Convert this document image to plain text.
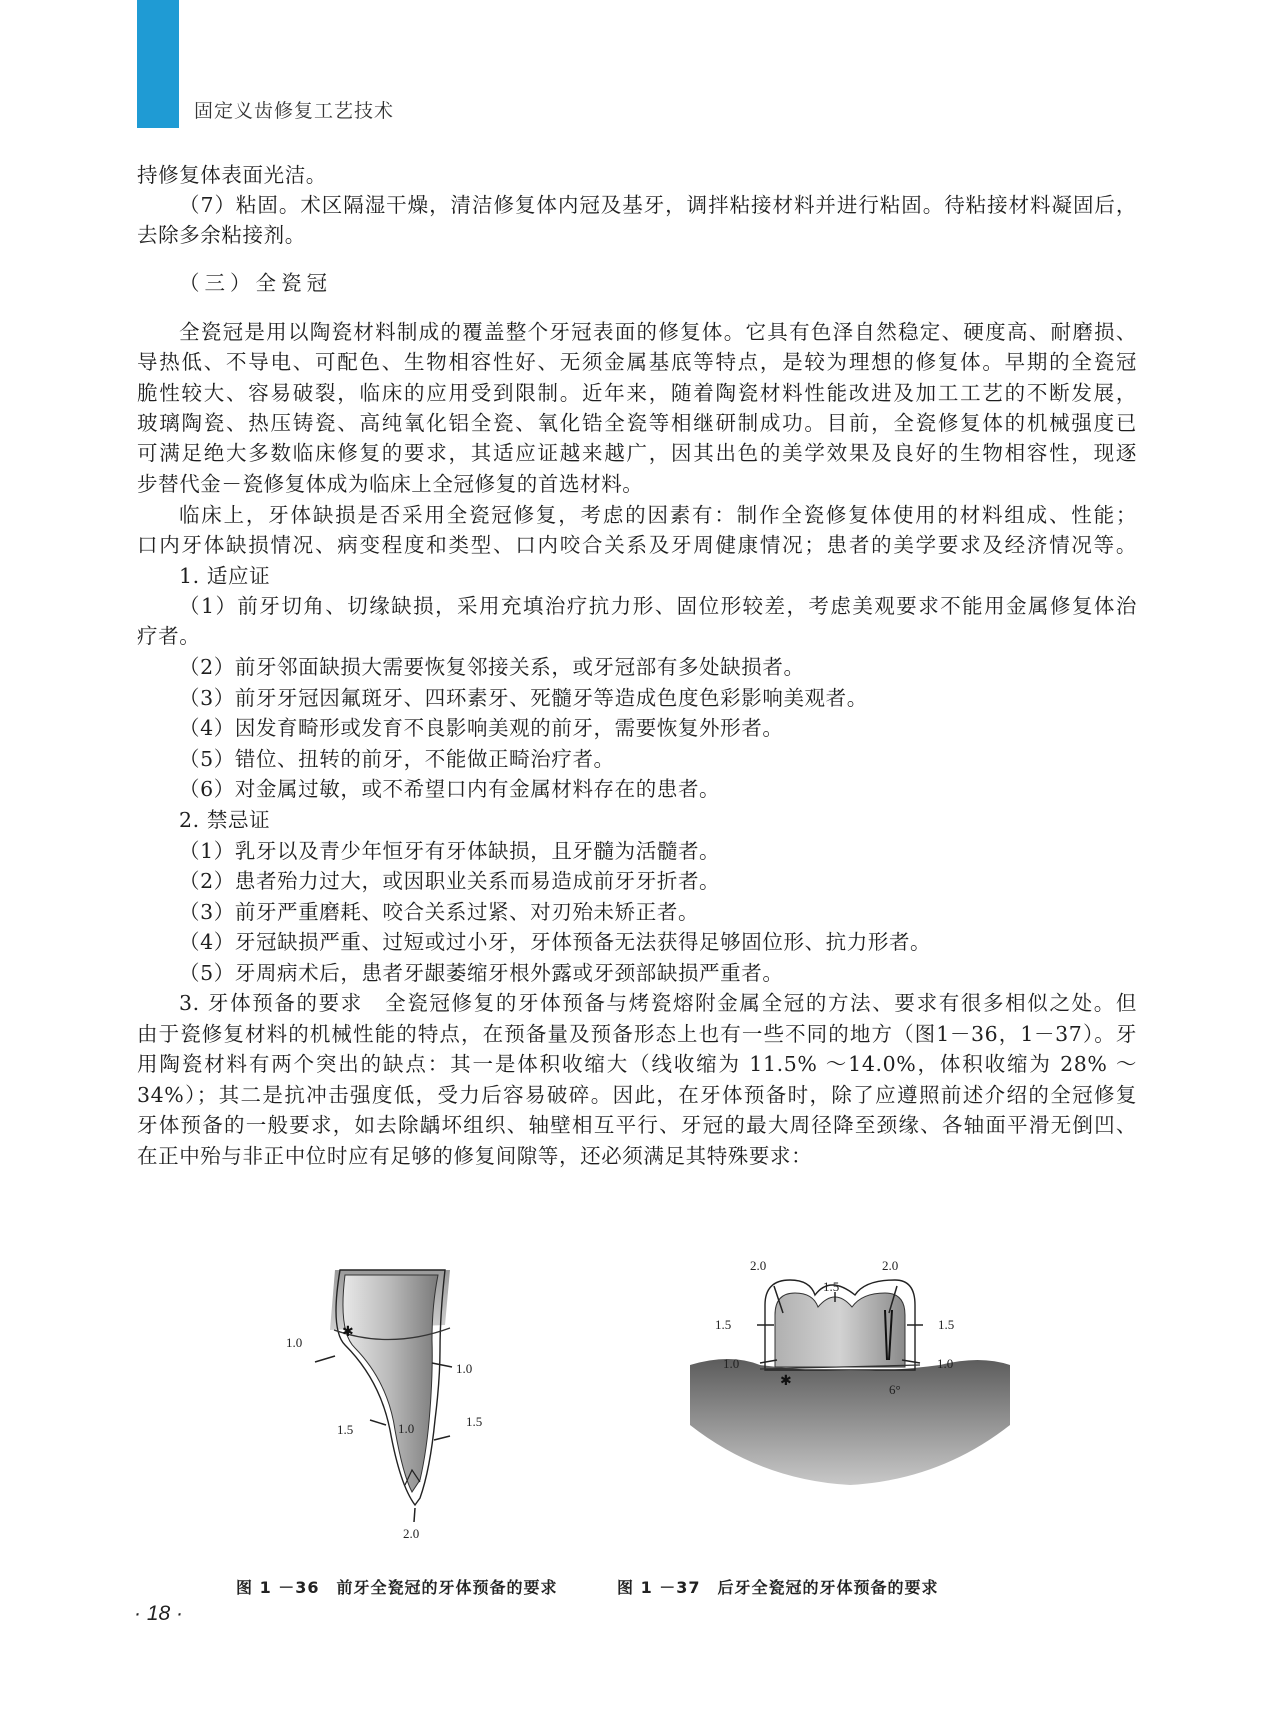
固定义齿修复工艺技术
持修复体表面光洁。
（7）粘固。术区隔湿干燥，清洁修复体内冠及基牙，调拌粘接材料并进行粘固。待粘接材料凝固后，
去除多余粘接剂。
（三）全瓷冠
全瓷冠是用以陶瓷材料制成的覆盖整个牙冠表面的修复体。它具有色泽自然稳定、硬度高、耐磨损、
导热低、不导电、可配色、生物相容性好、无须金属基底等特点，是较为理想的修复体。早期的全瓷冠
脆性较大、容易破裂，临床的应用受到限制。近年来，随着陶瓷材料性能改进及加工工艺的不断发展，
玻璃陶瓷、热压铸瓷、高纯氧化铝全瓷、氧化锆全瓷等相继研制成功。目前，全瓷修复体的机械强度已
可满足绝大多数临床修复的要求，其适应证越来越广，因其出色的美学效果及良好的生物相容性，现逐
步替代金－瓷修复体成为临床上全冠修复的首选材料。
临床上，牙体缺损是否采用全瓷冠修复，考虑的因素有：制作全瓷修复体使用的材料组成、性能；
口内牙体缺损情况、病变程度和类型、口内咬合关系及牙周健康情况；患者的美学要求及经济情况等。
1. 适应证
（1）前牙切角、切缘缺损，采用充填治疗抗力形、固位形较差，考虑美观要求不能用金属修复体治
疗者。
（2）前牙邻面缺损大需要恢复邻接关系，或牙冠部有多处缺损者。
（3）前牙牙冠因氟斑牙、四环素牙、死髓牙等造成色度色彩影响美观者。
（4）因发育畸形或发育不良影响美观的前牙，需要恢复外形者。
（5）错位、扭转的前牙，不能做正畸治疗者。
（6）对金属过敏，或不希望口内有金属材料存在的患者。
2. 禁忌证
（1）乳牙以及青少年恒牙有牙体缺损，且牙髓为活髓者。
（2）患者殆力过大，或因职业关系而易造成前牙牙折者。
（3）前牙严重磨耗、咬合关系过紧、对刃殆未矫正者。
（4）牙冠缺损严重、过短或过小牙，牙体预备无法获得足够固位形、抗力形者。
（5）牙周病术后，患者牙龈萎缩牙根外露或牙颈部缺损严重者。
3. 牙体预备的要求　全瓷冠修复的牙体预备与烤瓷熔附金属全冠的方法、要求有很多相似之处。但
由于瓷修复材料的机械性能的特点，在预备量及预备形态上也有一些不同的地方（图1－36，1－37）。牙
用陶瓷材料有两个突出的缺点：其一是体积收缩大（线收缩为 11.5% ～14.0%，体积收缩为 28% ～
34%）；其二是抗冲击强度低，受力后容易破碎。因此，在牙体预备时，除了应遵照前述介绍的全冠修复
牙体预备的一般要求，如去除龋坏组织、轴壁相互平行、牙冠的最大周径降至颈缘、各轴面平滑无倒凹、
在正中殆与非正中位时应有足够的修复间隙等，还必须满足其特殊要求：
✱
1.0
1.0
1.5	1.0	1.5
2.0
✱
2.0	2.0
1.5
1.5	1.5
1.0	1.0
6°
图 1 －36　前牙全瓷冠的牙体预备的要求	图 1 －37　后牙全瓷冠的牙体预备的要求
· 18 ·
